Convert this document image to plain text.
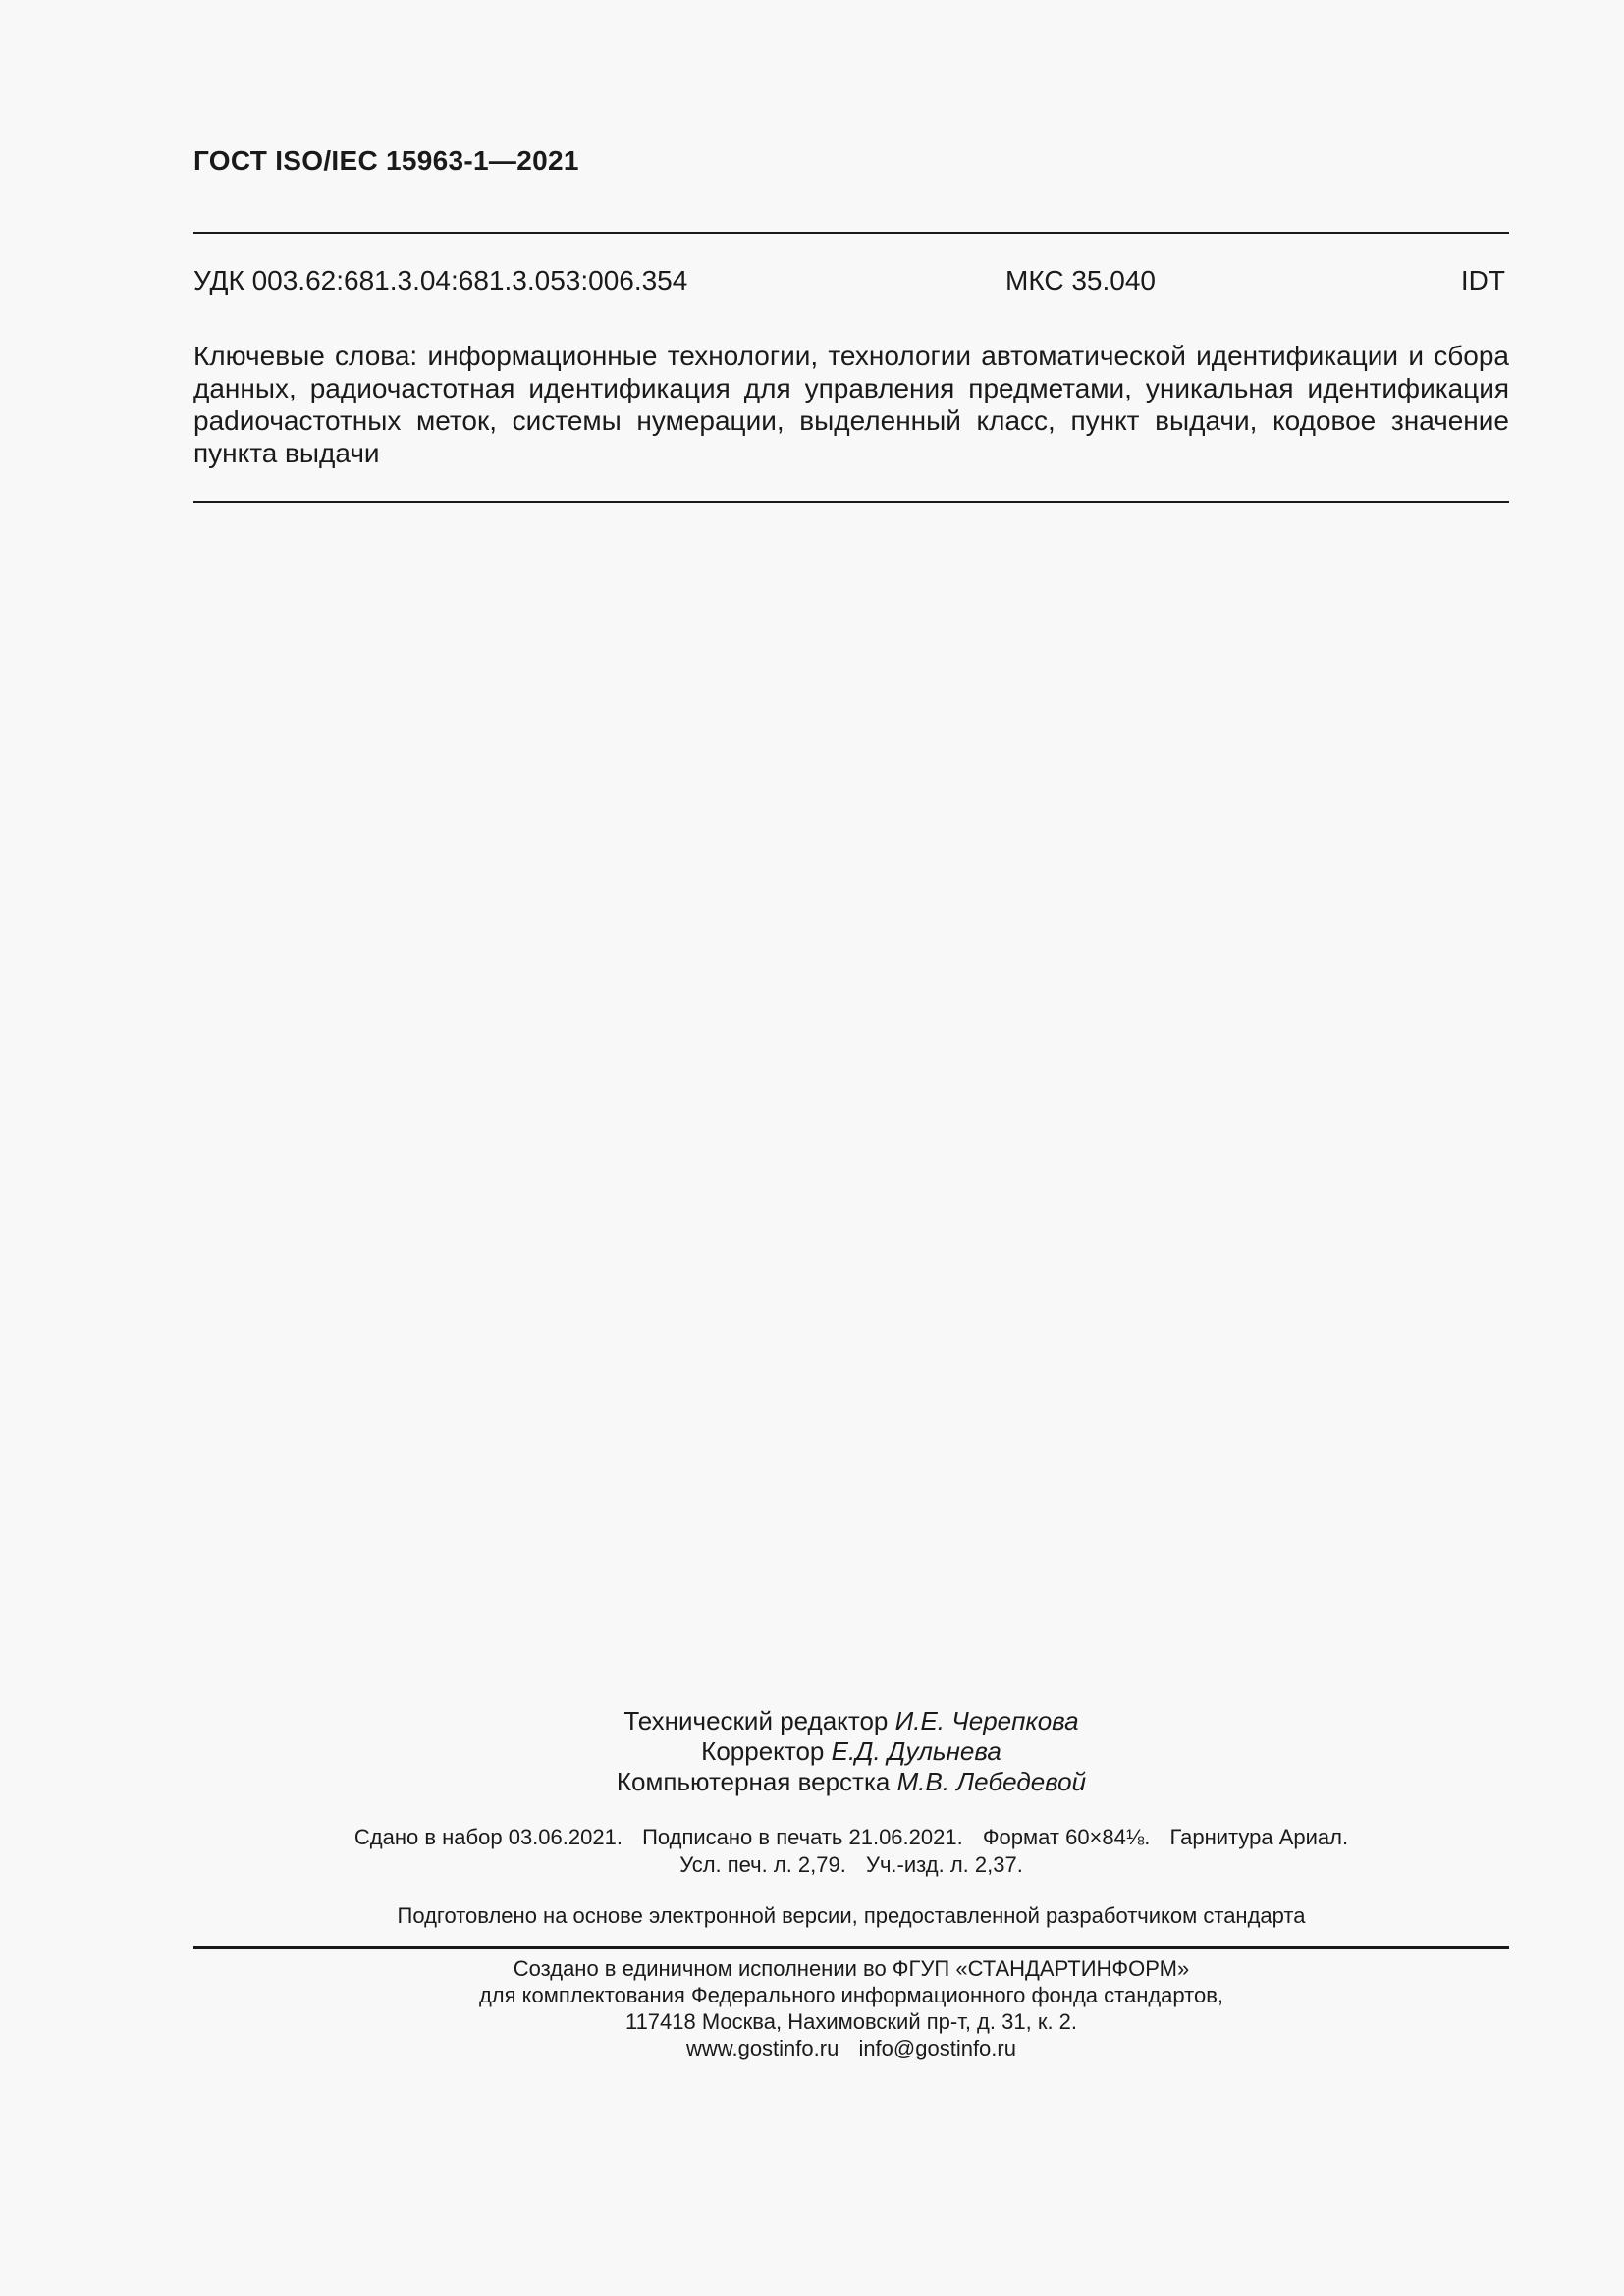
ГОСТ ISO/IEC 15963-1—2021
УДК 003.62:681.3.04:681.3.053:006.354	МКС 35.040	IDT
Ключевые слова: информационные технологии, технологии автоматической идентификации и сбора данных, радиочастотная идентификация для управления предметами, уникальная идентификация раdиочастотных меток, системы нумерации, выделенный класс, пункт выдачи, кодовое значение пункта выдачи
Технический редактор И.Е. Черепкова
Корректор Е.Д. Дульнева
Компьютерная верстка М.В. Лебедевой
Сдано в набор 03.06.2021. Подписано в печать 21.06.2021. Формат 60×84⅛. Гарнитура Ариал.
Усл. печ. л. 2,79. Уч.-изд. л. 2,37.
Подготовлено на основе электронной версии, предоставленной разработчиком стандарта
Создано в единичном исполнении во ФГУП «СТАНДАРТИНФОРМ»
для комплектования Федерального информационного фонда стандартов,
117418 Москва, Нахимовский пр-т, д. 31, к. 2.
www.gostinfo.ru info@gostinfo.ru
